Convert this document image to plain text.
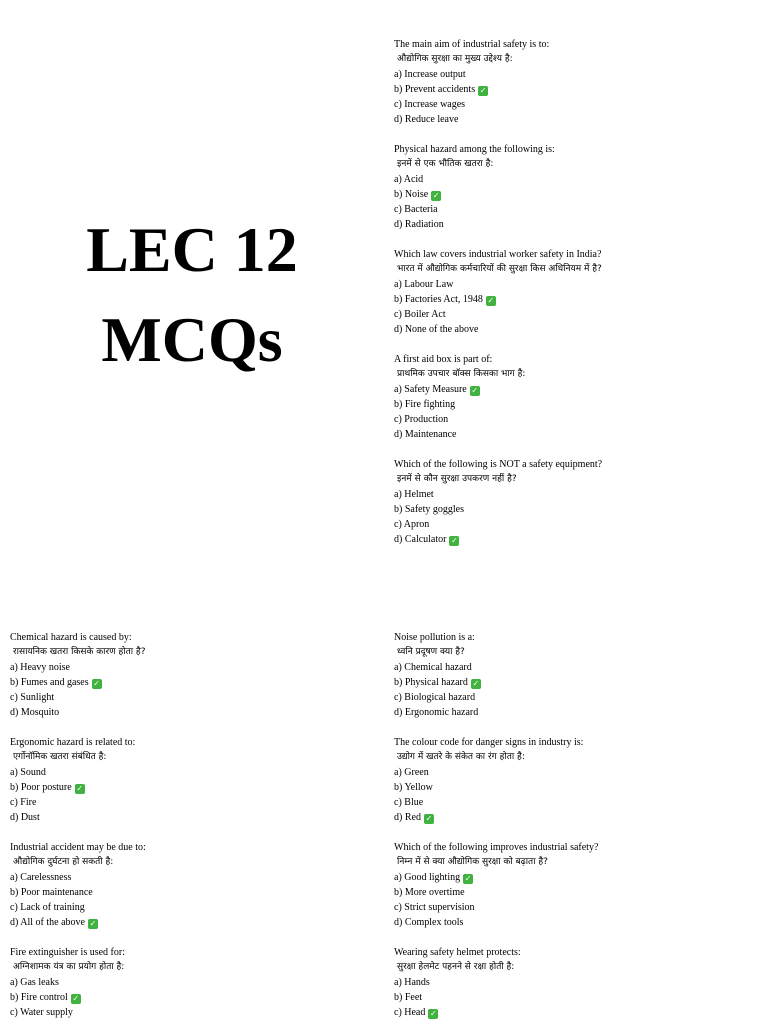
LEC 12
MCQs
The main aim of industrial safety is to:
औद्योगिक सुरक्षा का मुख्य उद्देश्य है:
a) Increase output
b) Prevent accidents ✓
c) Increase wages
d) Reduce leave
Physical hazard among the following is:
इनमें से एक भौतिक खतरा है:
a) Acid
b) Noise ✓
c) Bacteria
d) Radiation
Which law covers industrial worker safety in India?
भारत में औद्योगिक कर्मचारियों की सुरक्षा किस अधिनियम में है?
a) Labour Law
b) Factories Act, 1948 ✓
c) Boiler Act
d) None of the above
A first aid box is part of:
प्राथमिक उपचार बॉक्स किसका भाग है:
a) Safety Measure ✓
b) Fire fighting
c) Production
d) Maintenance
Which of the following is NOT a safety equipment?
इनमें से कौन सुरक्षा उपकरण नहीं है?
a) Helmet
b) Safety goggles
c) Apron
d) Calculator ✓
Chemical hazard is caused by:
रासायनिक खतरा किसके कारण होता है?
a) Heavy noise
b) Fumes and gases ✓
c) Sunlight
d) Mosquito
Ergonomic hazard is related to:
एर्गोनॉमिक खतरा संबंधित है:
a) Sound
b) Poor posture ✓
c) Fire
d) Dust
Industrial accident may be due to:
औद्योगिक दुर्घटना हो सकती है:
a) Carelessness
b) Poor maintenance
c) Lack of training
d) All of the above ✓
Fire extinguisher is used for:
अग्निशामक यंत्र का प्रयोग होता है:
a) Gas leaks
b) Fire control ✓
c) Water supply
Noise pollution is a:
ध्वनि प्रदूषण क्या है?
a) Chemical hazard
b) Physical hazard ✓
c) Biological hazard
d) Ergonomic hazard
The colour code for danger signs in industry is:
उद्योग में खतरे के संकेत का रंग होता है:
a) Green
b) Yellow
c) Blue
d) Red ✓
Which of the following improves industrial safety?
निम्न में से क्या औद्योगिक सुरक्षा को बढ़ाता है?
a) Good lighting ✓
b) More overtime
c) Strict supervision
d) Complex tools
Wearing safety helmet protects:
सुरक्षा हेलमेट पहनने से रक्षा होती है:
a) Hands
b) Feet
c) Head ✓
